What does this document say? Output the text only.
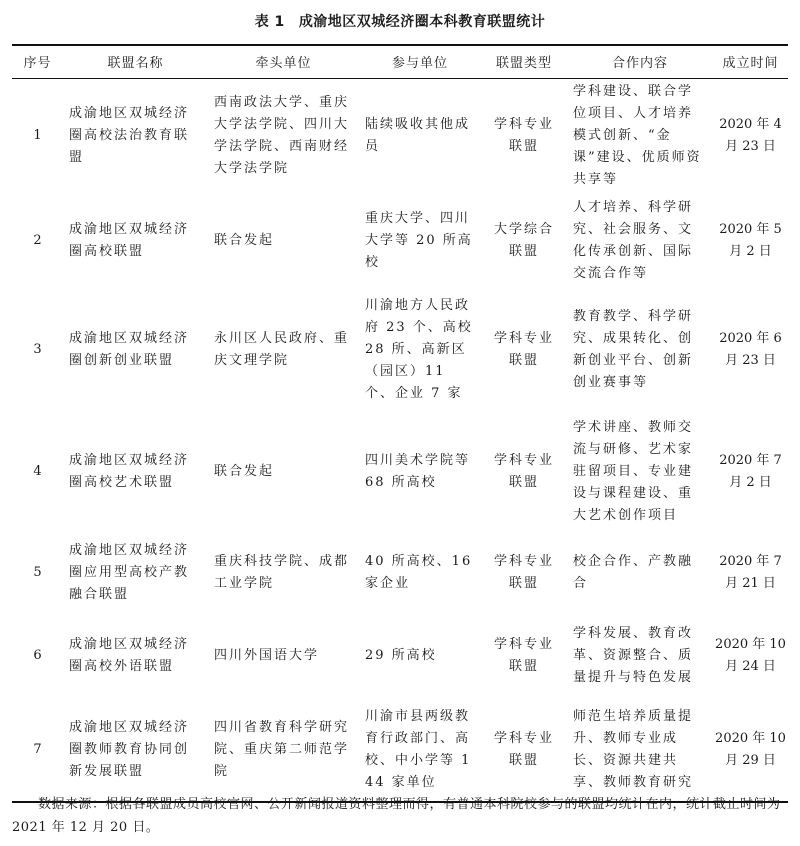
表 1 成渝地区双城经济圈本科教育联盟统计
序号	联盟名称	牵头单位	参与单位	联盟类型	合作内容	成立时间
1	成渝地区双城经济圈高校法治教育联盟	西南政法大学、重庆大学法学院、四川大学法学院、西南财经大学法学院	陆续吸收其他成员	学科专业联盟	学科建设、联合学位项目、人才培养模式创新、“金课”建设、优质师资共享等	2020 年 4 月 23 日
2	成渝地区双城经济圈高校联盟	联合发起	重庆大学、四川大学等 20 所高校	大学综合联盟	人才培养、科学研究、社会服务、文化传承创新、国际交流合作等	2020 年 5 月 2 日
3	成渝地区双城经济圈创新创业联盟	永川区人民政府、重庆文理学院	川渝地方人民政府 23 个、高校 28 所、高新区（园区）11 个、企业 7 家	学科专业联盟	教育教学、科学研究、成果转化、创新创业平台、创新创业赛事等	2020 年 6 月 23 日
4	成渝地区双城经济圈高校艺术联盟	联合发起	四川美术学院等 68 所高校	学科专业联盟	学术讲座、教师交流与研修、艺术家驻留项目、专业建设与课程建设、重大艺术创作项目	2020 年 7 月 2 日
5	成渝地区双城经济圈应用型高校产教融合联盟	重庆科技学院、成都工业学院	40 所高校、16 家企业	学科专业联盟	校企合作、产教融合	2020 年 7 月 21 日
6	成渝地区双城经济圈高校外语联盟	四川外国语大学	29 所高校	学科专业联盟	学科发展、教育改革、资源整合、质量提升与特色发展	2020 年 10 月 24 日
7	成渝地区双城经济圈教师教育协同创新发展联盟	四川省教育科学研究院、重庆第二师范学院	川渝市县两级教育行政部门、高校、中小学等 144 家单位	学科专业联盟	师范生培养质量提升、教师专业成长、资源共建共享、教师教育研究	2020 年 10 月 29 日
数据来源：根据各联盟成员高校官网、公开新闻报道资料整理而得，有普通本科院校参与的联盟均统计在内，统计截止时间为 2021 年 12 月 20 日。
